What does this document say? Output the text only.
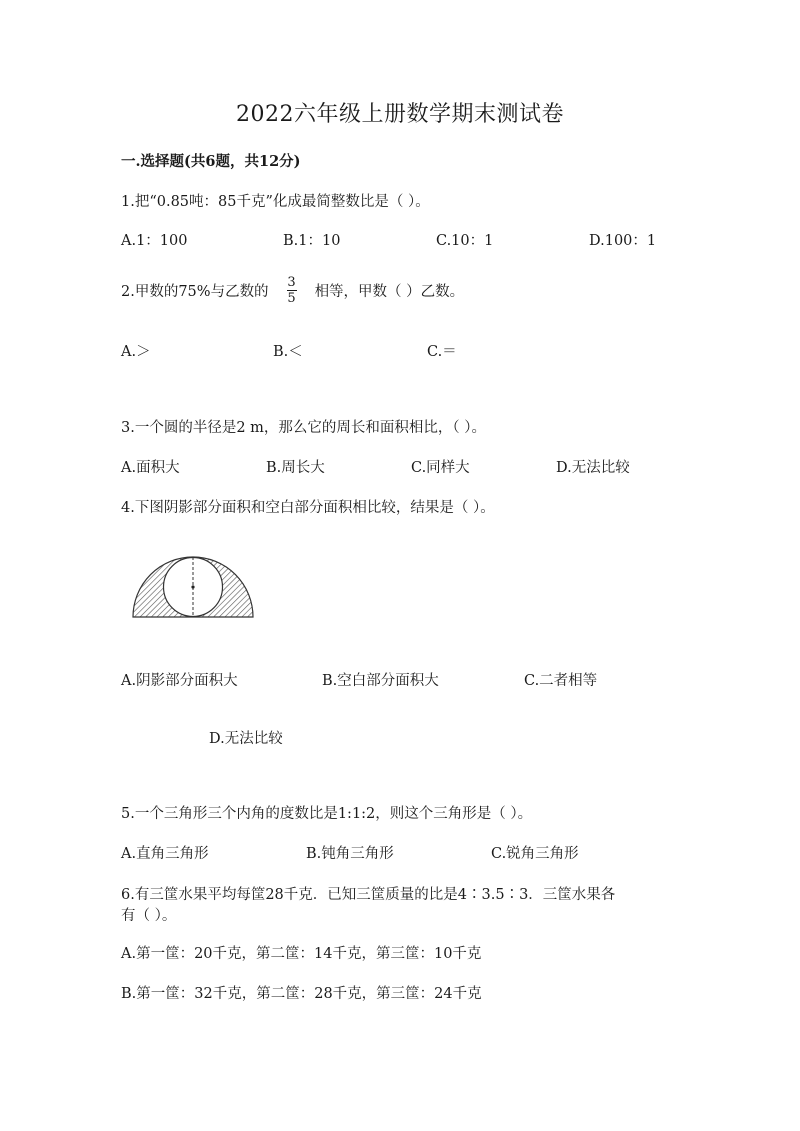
2022六年级上册数学期末测试卷
一.选择题(共6题，共12分)
1.把“0.85吨：85千克”化成最简整数比是（ ）。
A.1：100	B.1：10	C.10：1	D.100：1
2.甲数的75%与乙数的 $\frac{3}{5}$ 相等，甲数（ ）乙数。
A.＞	B.＜	C.＝
3.一个圆的半径是2 m，那么它的周长和面积相比，（ ）。
A.面积大	B.周长大	C.同样大	D.无法比较
4.下图阴影部分面积和空白部分面积相比较，结果是（ ）。
A.阴影部分面积大	B.空白部分面积大	C.二者相等
D.无法比较
5.一个三角形三个内角的度数比是1:1:2，则这个三角形是（ ）。
A.直角三角形	B.钝角三角形	C.锐角三角形
6.有三筐水果平均每筐28千克．已知三筐质量的比是4∶3.5∶3．三筐水果各
有（ ）。
A.第一筐：20千克，第二筐：14千克，第三筐：10千克
B.第一筐：32千克，第二筐：28千克，第三筐：24千克
